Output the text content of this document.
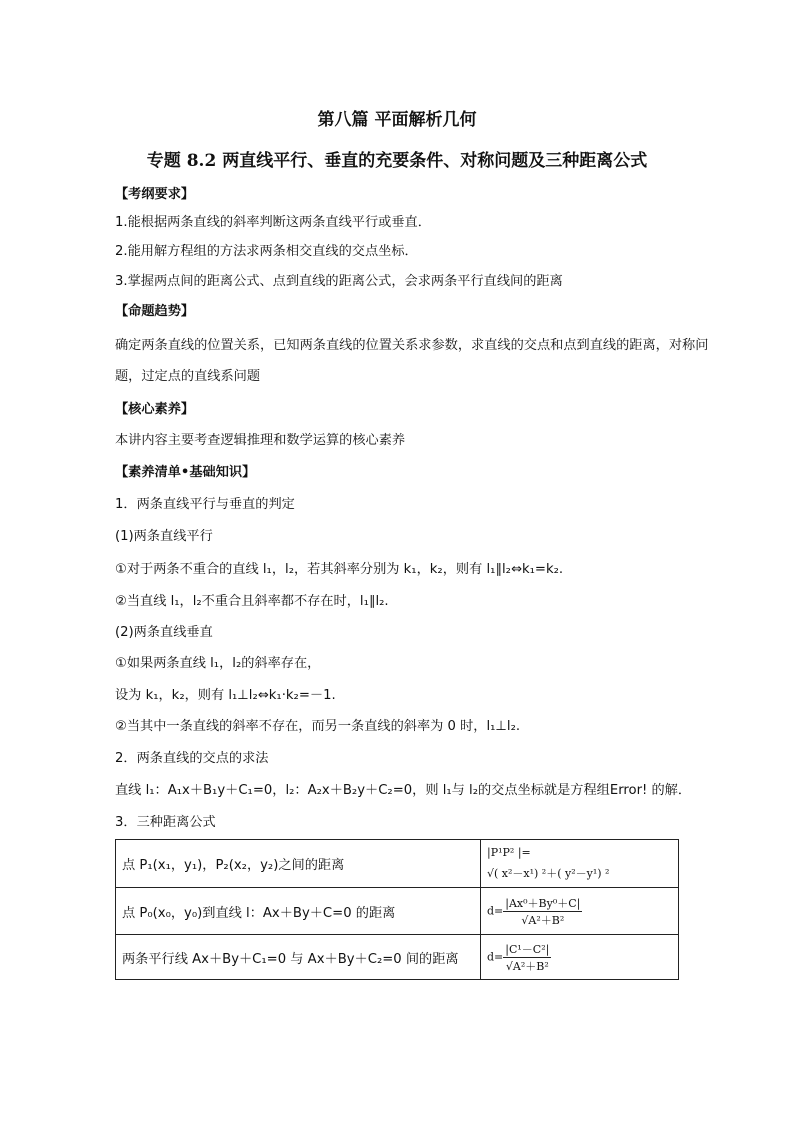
第八篇 平面解析几何
专题 8.2 两直线平行、垂直的充要条件、对称问题及三种距离公式
【考纲要求】
1.能根据两条直线的斜率判断这两条直线平行或垂直．
2.能用解方程组的方法求两条相交直线的交点坐标．
3.掌握两点间的距离公式、点到直线的距离公式，会求两条平行直线间的距离
【命题趋势】
确定两条直线的位置关系，已知两条直线的位置关系求参数，求直线的交点和点到直线的距离，对称问题，过定点的直线系问题
【核心素养】
本讲内容主要考查逻辑推理和数学运算的核心素养
【素养清单•基础知识】
1．两条直线平行与垂直的判定
(1)两条直线平行
①对于两条不重合的直线 l₁，l₂，若其斜率分别为 k₁，k₂，则有 l₁∥l₂⇔k₁=k₂.
②当直线 l₁，l₂不重合且斜率都不存在时，l₁∥l₂.
(2)两条直线垂直
①如果两条直线 l₁，l₂的斜率存在，
设为 k₁，k₂，则有 l₁⊥l₂⇔k₁·k₂=－1.
②当其中一条直线的斜率不存在，而另一条直线的斜率为 0 时，l₁⊥l₂.
2．两条直线的交点的求法
直线 l₁：A₁x＋B₁y＋C₁=0，l₂：A₂x＋B₂y＋C₂=0，则 l₁与 l₂的交点坐标就是方程组Error! 的解．
3．三种距离公式
点 P₁(x₁，y₁)，P₂(x₂，y₂)之间的距离	|P¹P² |=
√( x²－x¹) ²＋( y²－y¹) ²

点 P₀(x₀，y₀)到直线 l：Ax＋By＋C=0 的距离	$d= \frac{\text{|Ax⁰＋By⁰＋C|}}{\text{√A²＋B²}}$

两条平行线 Ax＋By＋C₁=0 与 Ax＋By＋C₂=0 间的距离	$d= \frac{\text{|C¹－C²|}}{\text{√A²＋B²}}$
